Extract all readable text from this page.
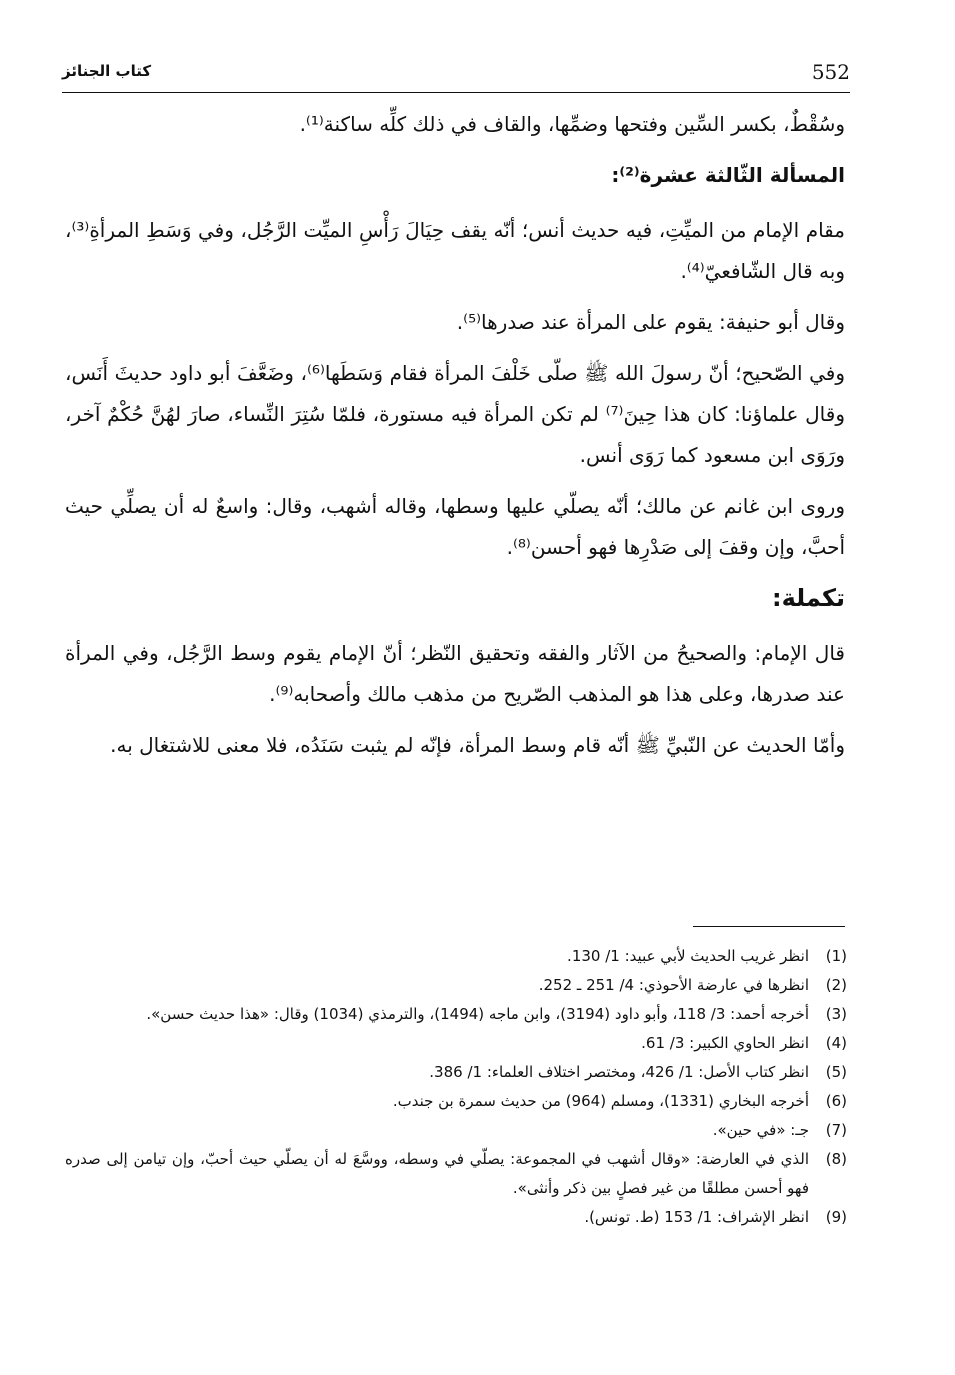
552
كتاب الجنائز

وسُقْطٌ، بكسر السِّين وفتحها وضمِّها، والقاف في ذلك كلِّه ساكنة⁽¹⁾.

المسألة الثّالثة عشرة⁽²⁾:

مقام الإمام من الميِّتِ، فيه حديث أنس؛ أنّه يقف حِيَالَ رَأْسِ الميِّت الرَّجُل، وفي وَسَطِ المرأةِ⁽³⁾، وبه قال الشّافعيّ⁽⁴⁾.

وقال أبو حنيفة: يقوم على المرأة عند صدرها⁽⁵⁾.

وفي الصّحيح؛ أنّ رسولَ الله ﷺ صلّى خَلْفَ المرأة فقام وَسَطَها⁽⁶⁾، وضَعَّفَ أبو داود حديثَ أَنَس، وقال علماؤنا: كان هذا حِينَ⁽⁷⁾ لم تكن المرأة فيه مستورة، فلمّا سُتِرَ النِّساء، صارَ لهُنَّ حُكْمٌ آخر، ورَوَى ابن مسعود كما رَوَى أنس.

وروى ابن غانم عن مالك؛ أنّه يصلّي عليها وسطها، وقاله أشهب، وقال: واسعٌ له أن يصلِّي حيث أحبَّ، وإن وقفَ إلى صَدْرِها فهو أحسن⁽⁸⁾.

تكملة:

قال الإمام: والصحيحُ من الآثار والفقه وتحقيق النّظر؛ أنّ الإمام يقوم وسط الرَّجُل، وفي المرأة عند صدرها، وعلى هذا هو المذهب الصّريح من مذهب مالك وأصحابه⁽⁹⁾.

وأمّا الحديث عن النّبيِّ ﷺ أنّه قام وسط المرأة، فإنّه لم يثبت سَنَدُه، فلا معنى للاشتغال به.

(1)
انظر غريب الحديث لأبي عبيد: 1/ 130.
(2)
انظرها في عارضة الأحوذي: 4/ 251 ـ 252.
(3)
أخرجه أحمد: 3/ 118، وأبو داود (3194)، وابن ماجه (1494)، والترمذي (1034) وقال: «هذا حديث حسن».
(4)
انظر الحاوي الكبير: 3/ 61.
(5)
انظر كتاب الأصل: 1/ 426، ومختصر اختلاف العلماء: 1/ 386.
(6)
أخرجه البخاري (1331)، ومسلم (964) من حديث سمرة بن جندب.
(7)
جـ: «في حين».
(8)
الذي في العارضة: «وقال أشهب في المجموعة: يصلّي في وسطه، ووسَّعَ له أن يصلّي حيث أحبّ، وإن تيامن إلى صدره فهو أحسن مطلقًا من غير فصلٍ بين ذكر وأنثى».
(9)
انظر الإشراف: 1/ 153 (ط. تونس).
